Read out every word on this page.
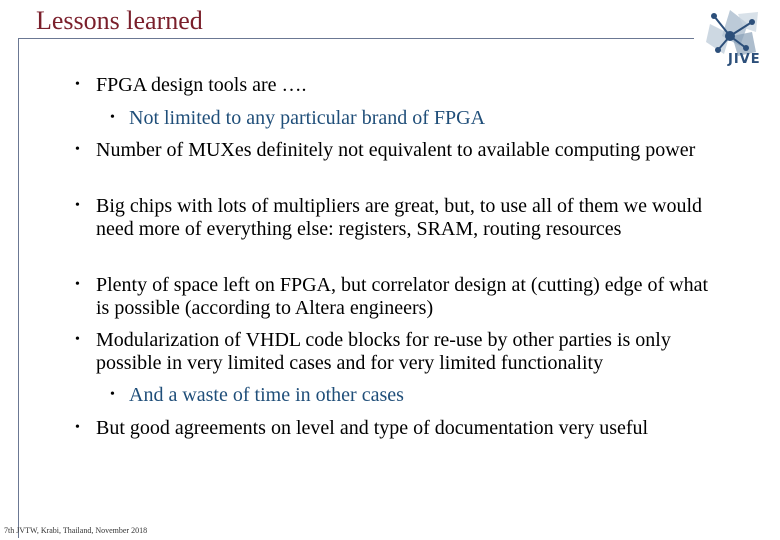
Lessons learned
JIVE
• FPGA design tools are ….
• Not limited to any particular brand of FPGA
• Number of MUXes definitely not equivalent to available computing power
• Big chips with lots of multipliers are great, but, to use all of them we would need more of everything else: registers, SRAM, routing resources
• Plenty of space left on FPGA, but correlator design at (cutting) edge of what is possible (according to Altera engineers)
• Modularization of VHDL code blocks for re-use by other parties is only possible in very limited cases and for very limited functionality
• And a waste of time in other cases
• But good agreements on level and type of documentation very useful
7th JVTW, Krabi, Thailand, November 2018
